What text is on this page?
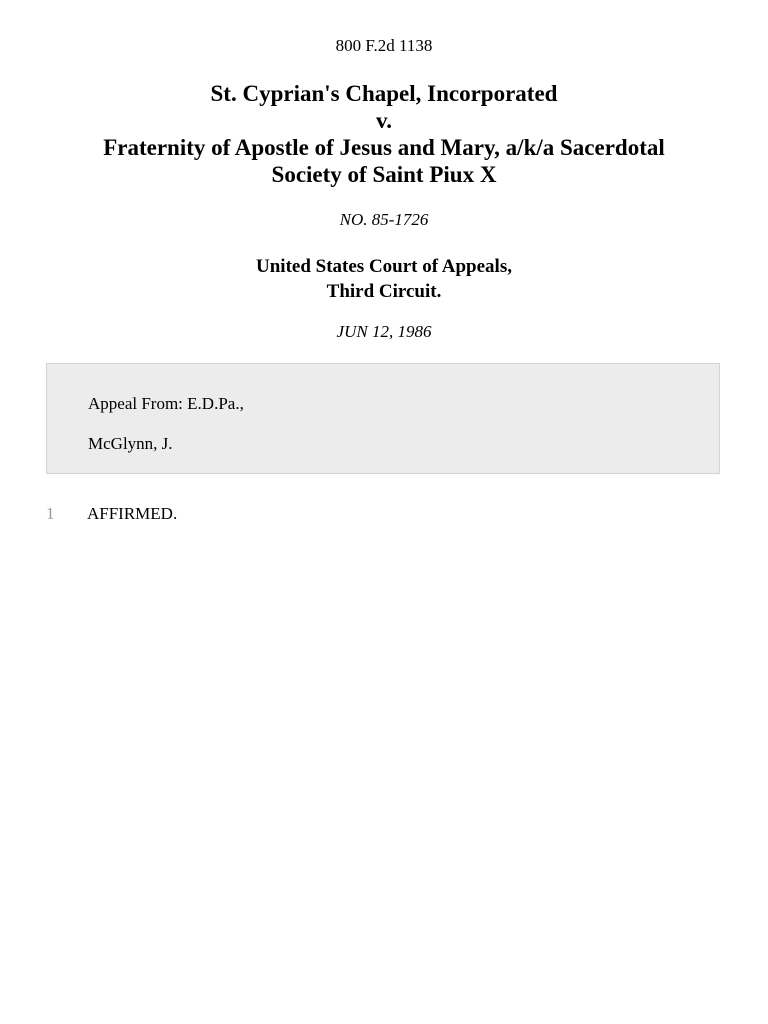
800 F.2d 1138
St. Cyprian's Chapel, Incorporated
v.
Fraternity of Apostle of Jesus and Mary, a/k/a Sacerdotal
Society of Saint Piux X
NO. 85-1726
United States Court of Appeals,
Third Circuit.
JUN 12, 1986
Appeal From: E.D.Pa.,
McGlynn, J.
1 AFFIRMED.
